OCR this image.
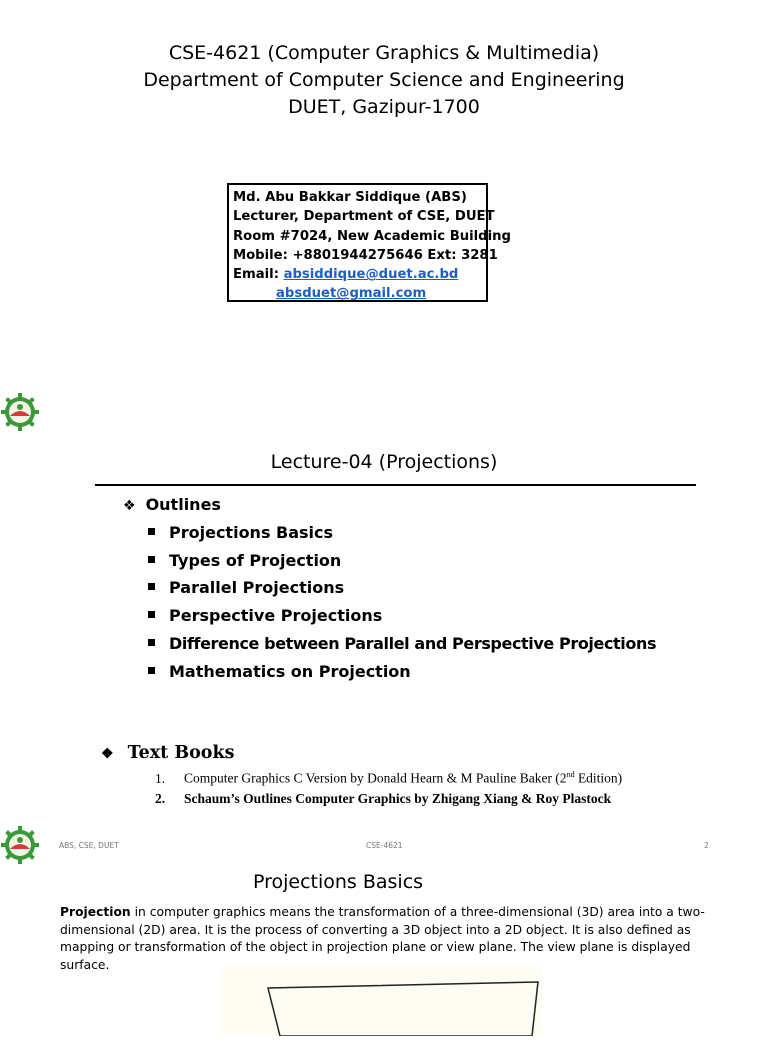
CSE-4621 (Computer Graphics & Multimedia)
Department of Computer Science and Engineering
DUET, Gazipur-1700
Md. Abu Bakkar Siddique (ABS)
Lecturer, Department of CSE, DUET
Room #7024, New Academic Building
Mobile: +8801944275646 Ext: 3281
Email: absiddique@duet.ac.bd
absduet@gmail.com
Lecture-04 (Projections)
❖ Outlines
Projections Basics
Types of Projection
Parallel Projections
Perspective Projections
Difference between Parallel and Perspective Projections
Mathematics on Projection
❖ Text Books
1. Computer Graphics C Version by Donald Hearn & M Pauline Baker (2nd Edition)
2. Schaum’s Outlines Computer Graphics by Zhigang Xiang & Roy Plastock
ABS, CSE, DUET	CSE-4621	2
Projections Basics
Projection in computer graphics means the transformation of a three-dimensional (3D) area into a two-dimensional (2D) area. It is the process of converting a 3D object into a 2D object. It is also defined as mapping or transformation of the object in projection plane or view plane. The view plane is displayed surface.
